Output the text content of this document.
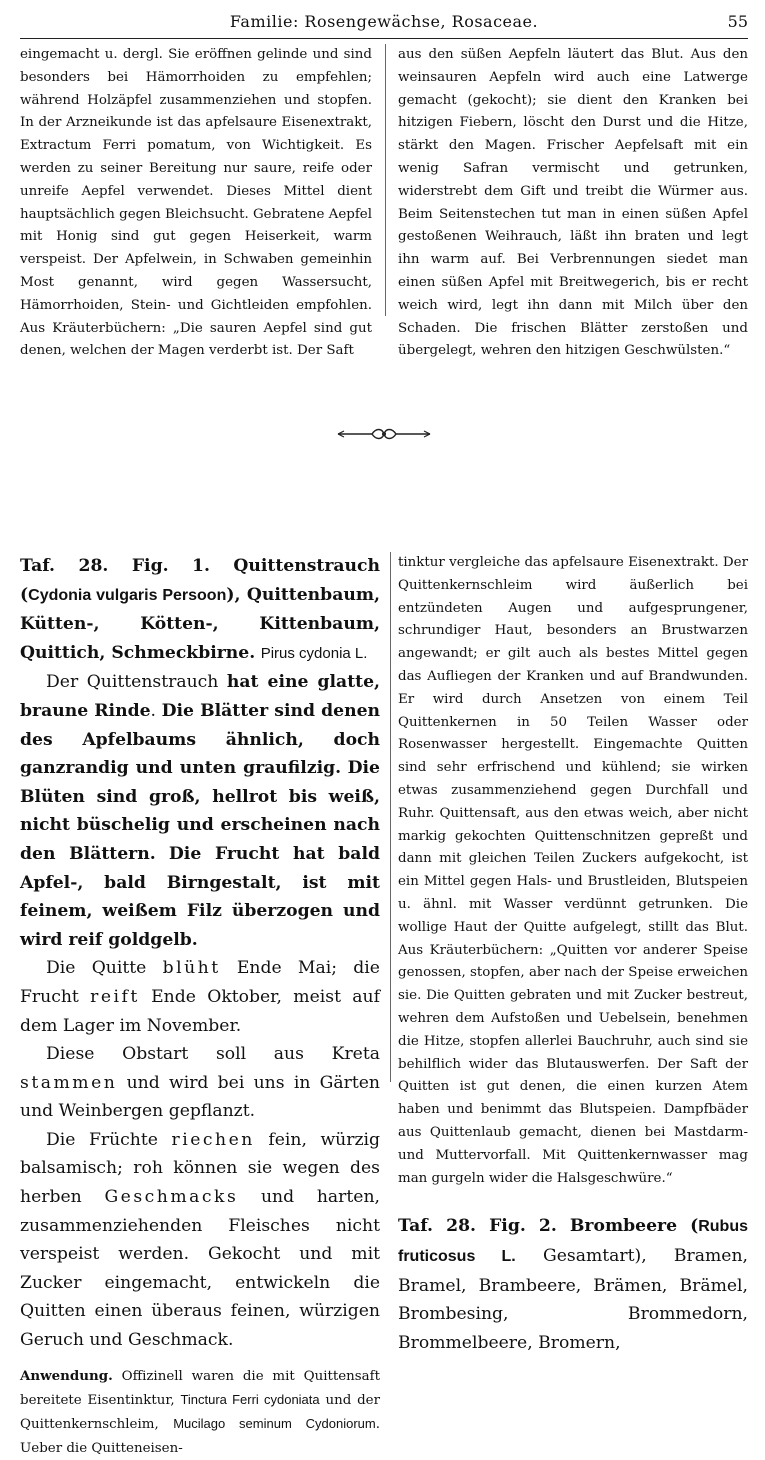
Familie: Rosengewächse, Rosaceae.	55

eingemacht u. dergl. Sie eröffnen gelinde und sind besonders bei Hämorrhoiden zu empfehlen; während Holzäpfel zusammenziehen und stopfen. In der Arzneikunde ist das apfelsaure Eisenextrakt, Extractum Ferri pomatum, von Wichtigkeit. Es werden zu seiner Bereitung nur saure, reife oder unreife Aepfel verwendet. Dieses Mittel dient hauptsächlich gegen Bleichsucht. Gebratene Aepfel mit Honig sind gut gegen Heiserkeit, warm verspeist. Der Apfelwein, in Schwaben gemeinhin Most genannt, wird gegen Wassersucht, Hämorrhoiden, Stein- und Gichtleiden empfohlen. Aus Kräuterbüchern: „Die sauren Aepfel sind gut denen, welchen der Magen verderbt ist. Der Saft

aus den süßen Aepfeln läutert das Blut. Aus den weinsauren Aepfeln wird auch eine Latwerge gemacht (gekocht); sie dient den Kranken bei hitzigen Fiebern, löscht den Durst und die Hitze, stärkt den Magen. Frischer Aepfelsaft mit ein wenig Safran vermischt und getrunken, widerstrebt dem Gift und treibt die Würmer aus. Beim Seitenstechen tut man in einen süßen Apfel gestoßenen Weihrauch, läßt ihn braten und legt ihn warm auf. Bei Verbrennungen siedet man einen süßen Apfel mit Breitwegerich, bis er recht weich wird, legt ihn dann mit Milch über den Schaden. Die frischen Blätter zerstoßen und übergelegt, wehren den hitzigen Geschwülsten.“

Taf. 28. Fig. 1. Quittenstrauch (Cydonia vulgaris Persoon), Quittenbaum, Kütten-, Kötten-, Kittenbaum, Quittich, Schmeckbirne. Pirus cydonia L.

Der Quittenstrauch hat eine glatte, braune Rinde. Die Blätter sind denen des Apfelbaums ähnlich, doch ganzrandig und unten graufilzig. Die Blüten sind groß, hellrot bis weiß, nicht büschelig und erscheinen nach den Blättern. Die Frucht hat bald Apfel-, bald Birngestalt, ist mit feinem, weißem Filz überzogen und wird reif goldgelb.

Die Quitte blüht Ende Mai; die Frucht reift Ende Oktober, meist auf dem Lager im November.

Diese Obstart soll aus Kreta stammen und wird bei uns in Gärten und Weinbergen gepflanzt.

Die Früchte riechen fein, würzig balsamisch; roh können sie wegen des herben Geschmacks und harten, zusammenziehenden Fleisches nicht verspeist werden. Gekocht und mit Zucker eingemacht, entwickeln die Quitten einen überaus feinen, würzigen Geruch und Geschmack.

Anwendung. Offizinell waren die mit Quittensaft bereitete Eisentinktur, Tinctura Ferri cydoniata und der Quittenkernschleim, Mucilago seminum Cydoniorum. Ueber die Quitteneisen-

tinktur vergleiche das apfelsaure Eisenextrakt. Der Quittenkernschleim wird äußerlich bei entzündeten Augen und aufgesprungener, schrundiger Haut, besonders an Brustwarzen angewandt; er gilt auch als bestes Mittel gegen das Aufliegen der Kranken und auf Brandwunden. Er wird durch Ansetzen von einem Teil Quittenkernen in 50 Teilen Wasser oder Rosenwasser hergestellt. Eingemachte Quitten sind sehr erfrischend und kühlend; sie wirken etwas zusammenziehend gegen Durchfall und Ruhr. Quittensaft, aus den etwas weich, aber nicht markig gekochten Quittenschnitzen gepreßt und dann mit gleichen Teilen Zuckers aufgekocht, ist ein Mittel gegen Hals- und Brustleiden, Blutspeien u. ähnl. mit Wasser verdünnt getrunken. Die wollige Haut der Quitte aufgelegt, stillt das Blut. Aus Kräuterbüchern: „Quitten vor anderer Speise genossen, stopfen, aber nach der Speise erweichen sie. Die Quitten gebraten und mit Zucker bestreut, wehren dem Aufstoßen und Uebelsein, benehmen die Hitze, stopfen allerlei Bauchruhr, auch sind sie behilflich wider das Blutauswerfen. Der Saft der Quitten ist gut denen, die einen kurzen Atem haben und benimmt das Blutspeien. Dampfbäder aus Quittenlaub gemacht, dienen bei Mastdarm- und Muttervorfall. Mit Quittenkernwasser mag man gurgeln wider die Halsgeschwüre.“

Taf. 28. Fig. 2. Brombeere (Rubus fruticosus L. Gesamtart), Bramen, Bramel, Brambeere, Brämen, Brämel, Brombesing, Brommedorn, Brommelbeere, Bromern,
